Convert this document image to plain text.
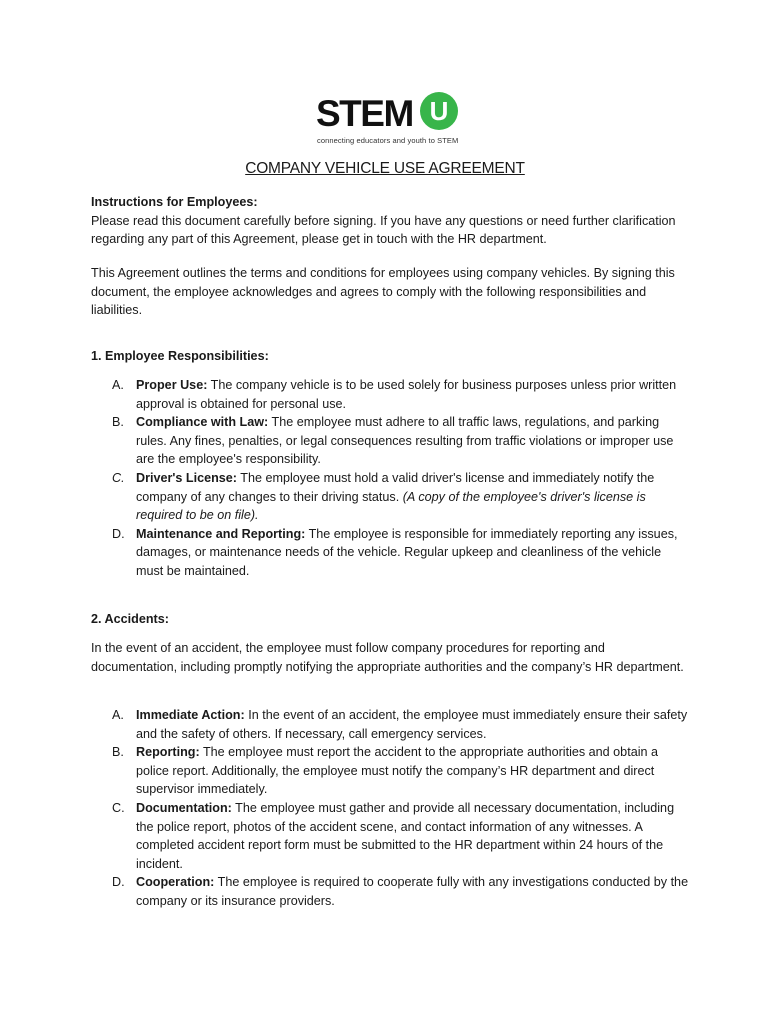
STEM U
connecting educators and youth to STEM
COMPANY VEHICLE USE AGREEMENT

Instructions for Employees:

Please read this document carefully before signing. If you have any questions or need further clarification regarding any part of this Agreement, please get in touch with the HR department.

This Agreement outlines the terms and conditions for employees using company vehicles. By signing this document, the employee acknowledges and agrees to comply with the following responsibilities and liabilities.

1. Employee Responsibilities:

A. Proper Use: The company vehicle is to be used solely for business purposes unless prior written approval is obtained for personal use.
B. Compliance with Law: The employee must adhere to all traffic laws, regulations, and parking rules. Any fines, penalties, or legal consequences resulting from traffic violations or improper use are the employee's responsibility.
C. Driver's License: The employee must hold a valid driver's license and immediately notify the company of any changes to their driving status. (A copy of the employee's driver's license is required to be on file).
D. Maintenance and Reporting: The employee is responsible for immediately reporting any issues, damages, or maintenance needs of the vehicle. Regular upkeep and cleanliness of the vehicle must be maintained.

2. Accidents:

In the event of an accident, the employee must follow company procedures for reporting and documentation, including promptly notifying the appropriate authorities and the company’s HR department.

A. Immediate Action: In the event of an accident, the employee must immediately ensure their safety and the safety of others. If necessary, call emergency services.
B. Reporting: The employee must report the accident to the appropriate authorities and obtain a police report. Additionally, the employee must notify the company’s HR department and direct supervisor immediately.
C. Documentation: The employee must gather and provide all necessary documentation, including the police report, photos of the accident scene, and contact information of any witnesses. A completed accident report form must be submitted to the HR department within 24 hours of the incident.
D. Cooperation: The employee is required to cooperate fully with any investigations conducted by the company or its insurance providers.
